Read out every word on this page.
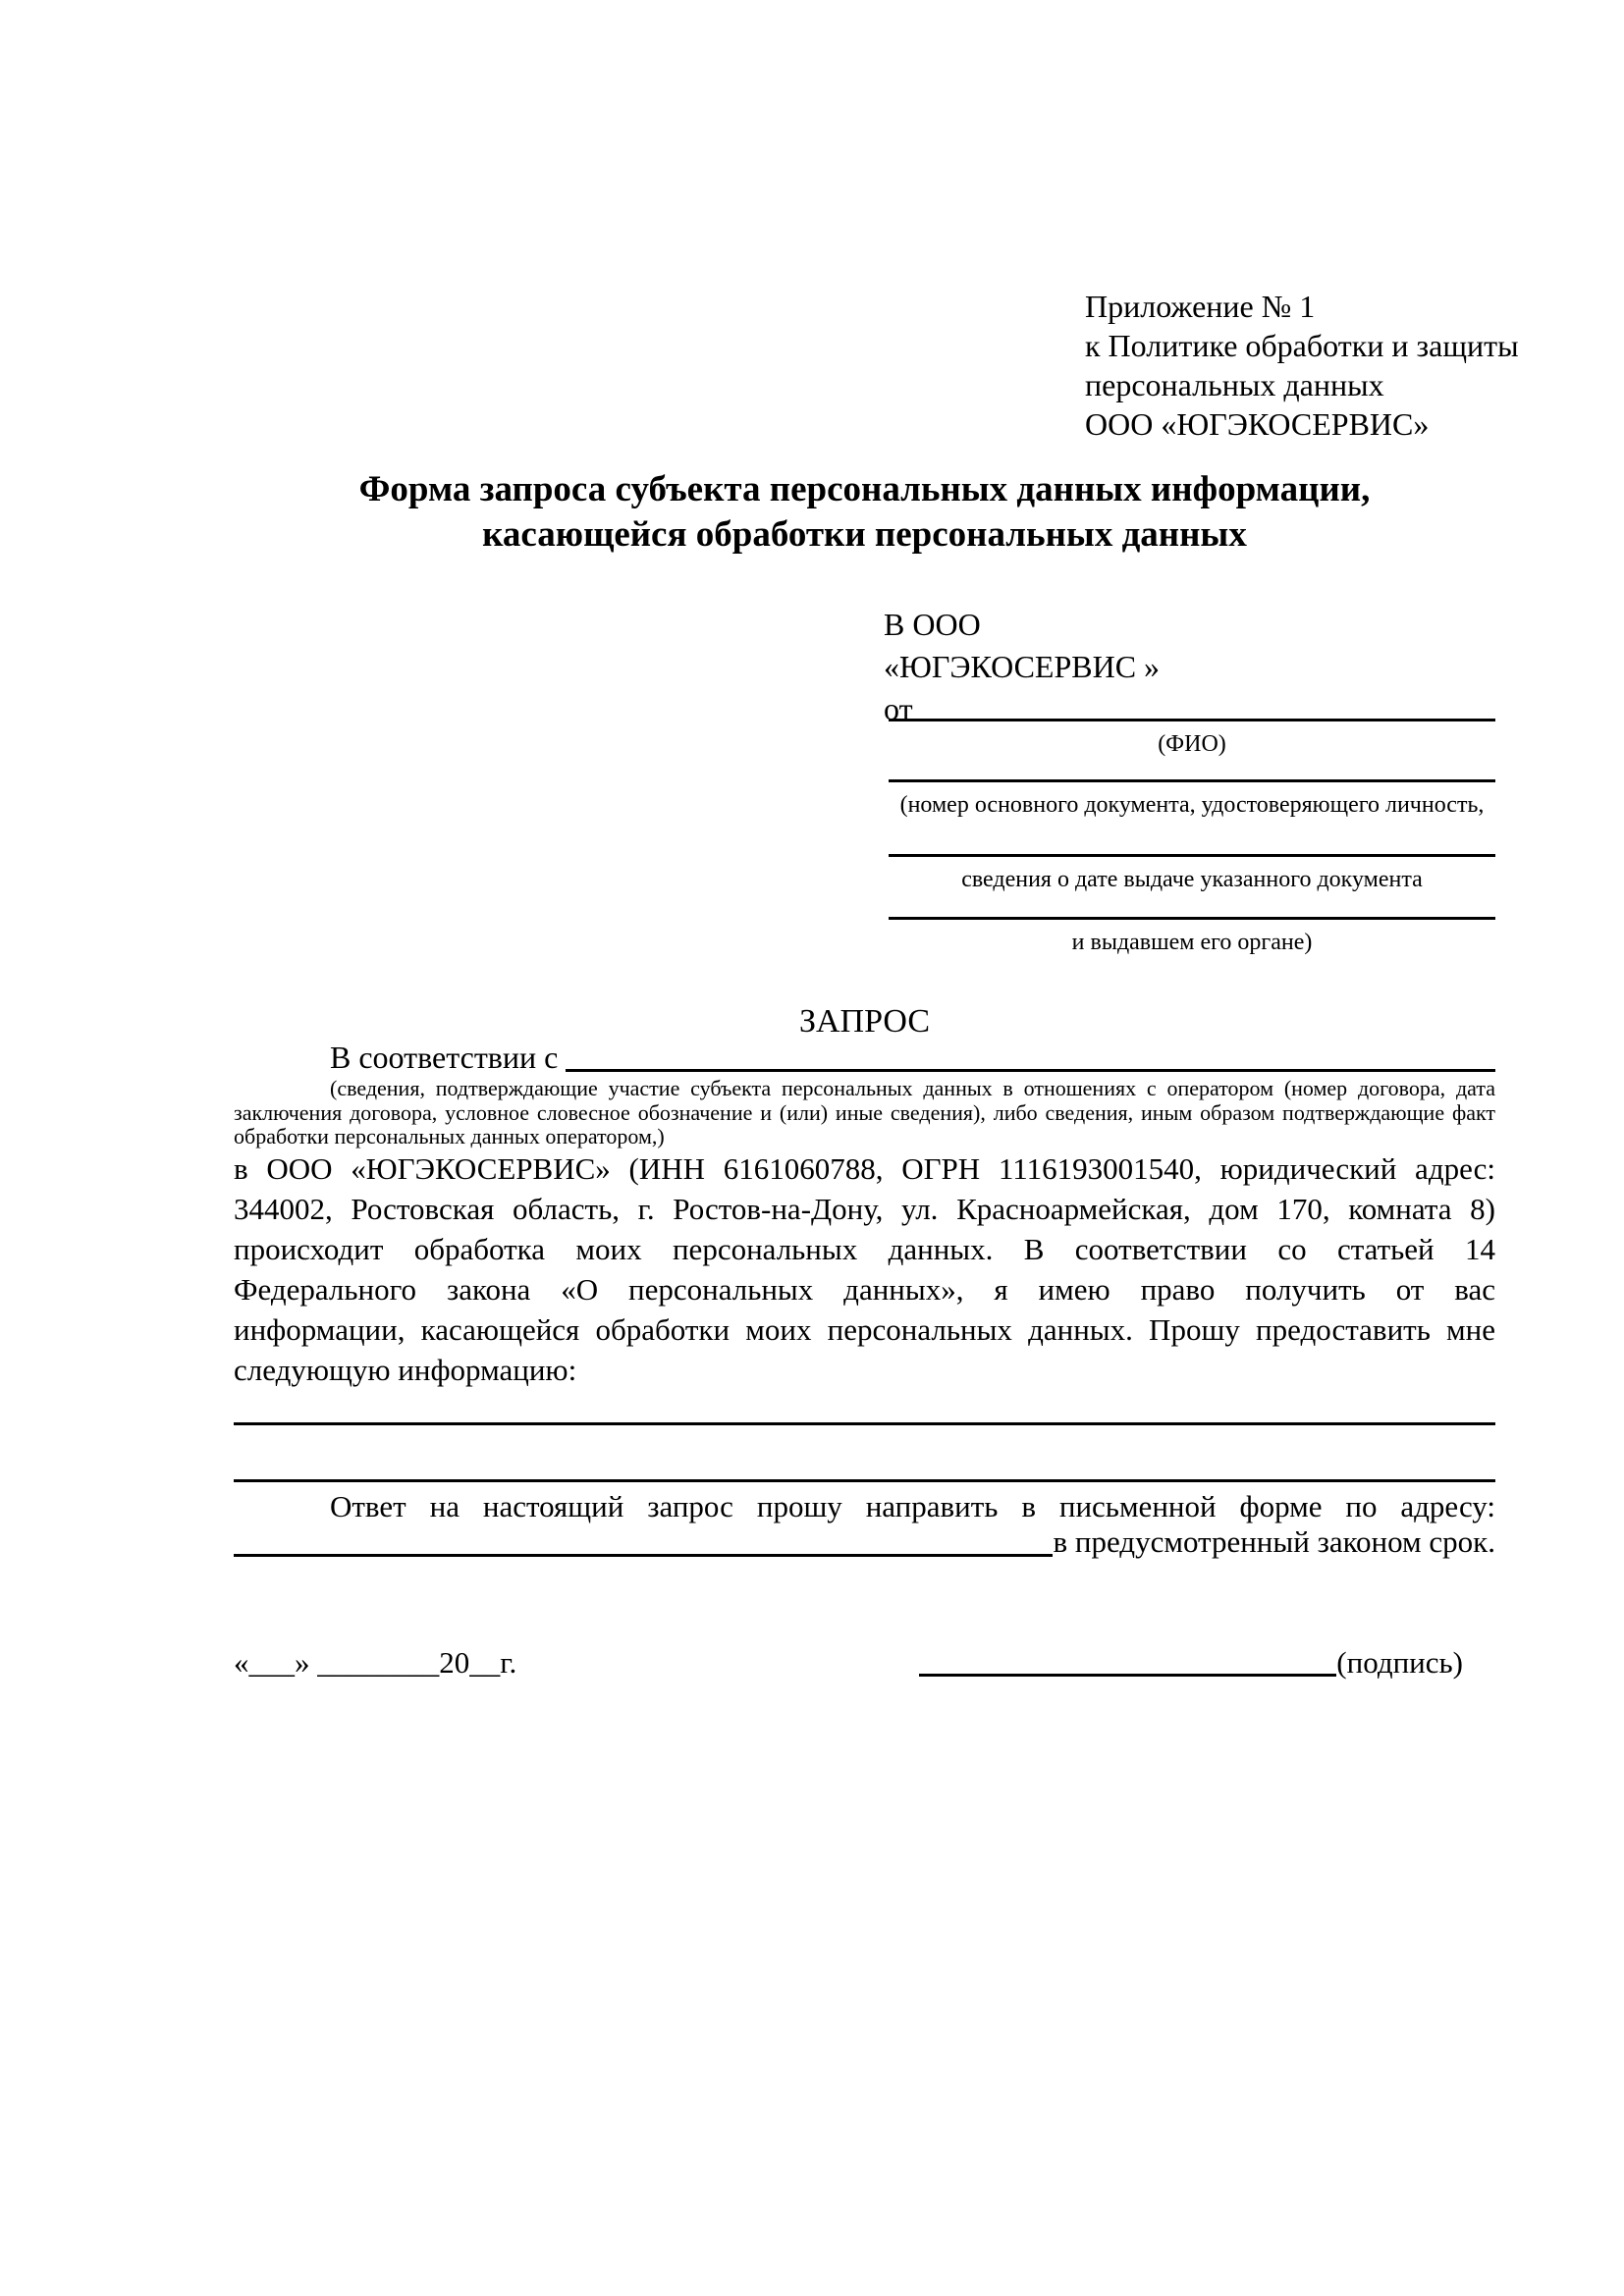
Приложение № 1
к Политике обработки и защиты
персональных данных
ООО «ЮГЭКОСЕРВИС»
Форма запроса субъекта персональных данных информации,
касающейся обработки персональных данных
В ООО
«ЮГЭКОСЕРВИС »
от
(ФИО)
(номер основного документа, удостоверяющего личность,
сведения о дате выдаче указанного документа
и выдавшем его органе)
ЗАПРОС
В соответствии с
(сведения, подтверждающие участие субъекта персональных данных в отношениях с оператором (номер договора, дата
заключения договора, условное словесное обозначение и (или) иные сведения), либо сведения, иным образом подтверждающие факт
обработки персональных данных оператором,)
в ООО «ЮГЭКОСЕРВИС» (ИНН 6161060788, ОГРН 1116193001540, юридический адрес:
344002, Ростовская область, г. Ростов-на-Дону, ул. Красноармейская, дом 170, комната 8)
происходит обработка моих персональных данных. В соответствии со статьей 14
Федерального закона «О персональных данных», я имею право получить от вас
информации, касающейся обработки моих персональных данных. Прошу предоставить мне
следующую информацию:
Ответ на настоящий запрос прошу направить в письменной форме по адресу:
в предусмотренный законом срок.
«___» ________20__г.	(подпись)
